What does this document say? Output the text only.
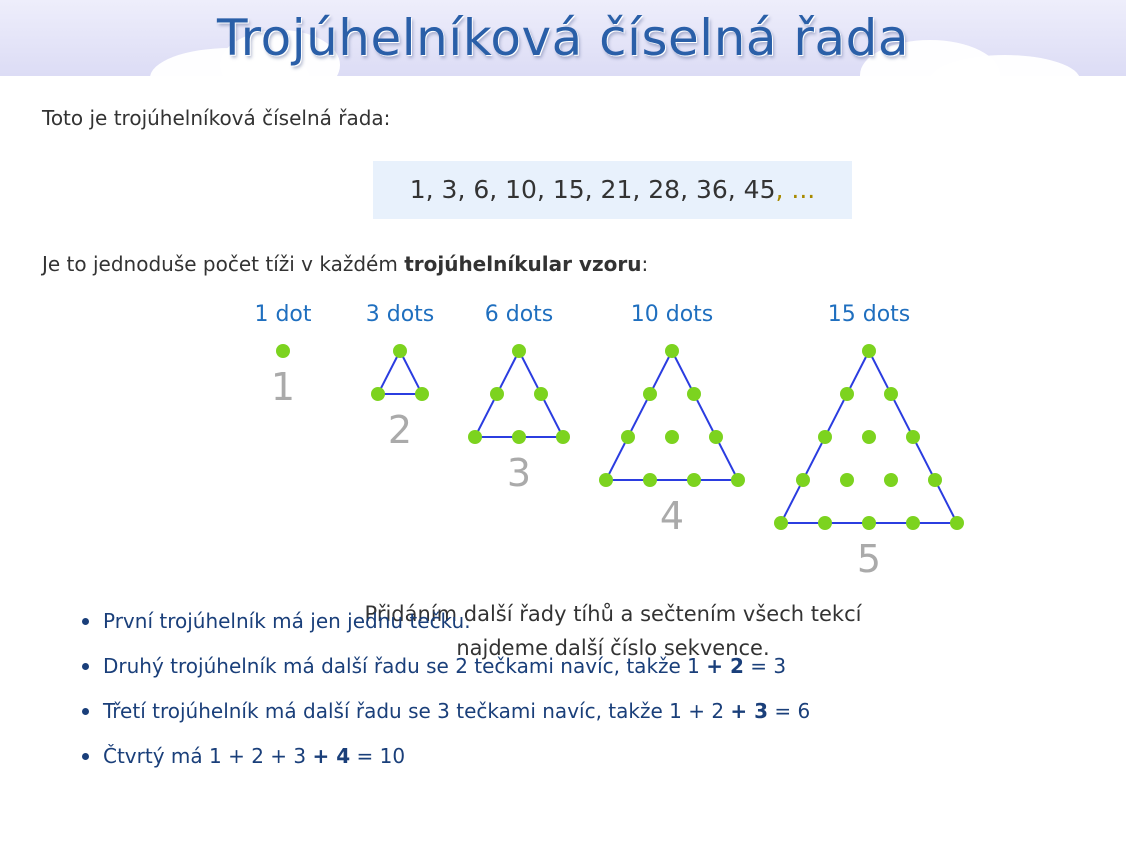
Trojúhelníková číselná řada

Toto je trojúhelníková číselná řada:

1, 3, 6, 10, 15, 21, 28, 36, 45, ...

Je to jednoduše počet tíži v každém trojúhelníkular vzoru:

1 dot
1
3 dots
2
6 dots
3
10 dots
4
15 dots
5
Přidáním další řady tíhů a sečtením všech tekcí
najdeme další číslo sekvence.
První trojúhelník má jen jednu tečku.
Druhý trojúhelník má další řadu se 2 tečkami navíc, takže 1 + 2 = 3
Třetí trojúhelník má další řadu se 3 tečkami navíc, takže 1 + 2 + 3 = 6
Čtvrtý má 1 + 2 + 3 + 4 = 10
